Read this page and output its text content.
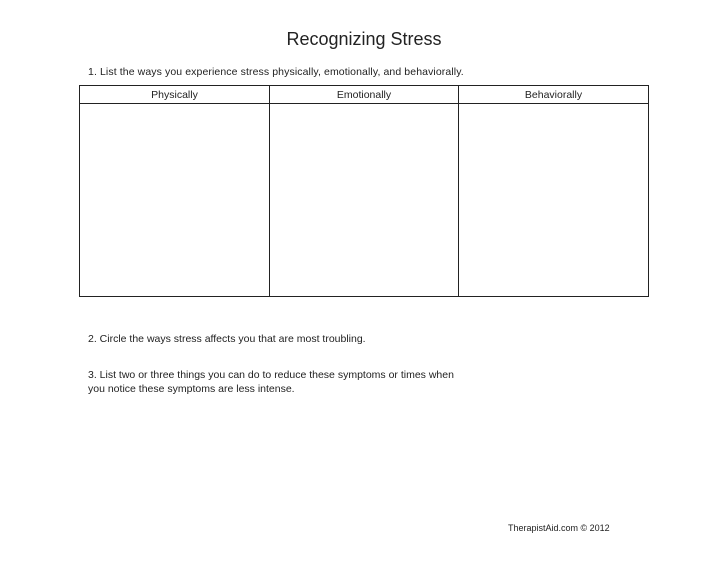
Recognizing Stress
1. List the ways you experience stress physically, emotionally, and behaviorally.
Physically	Emotionally	Behaviorally
2. Circle the ways stress affects you that are most troubling.
3. List two or three things you can do to reduce these symptoms or times when
you notice these symptoms are less intense.
TherapistAid.com © 2012
